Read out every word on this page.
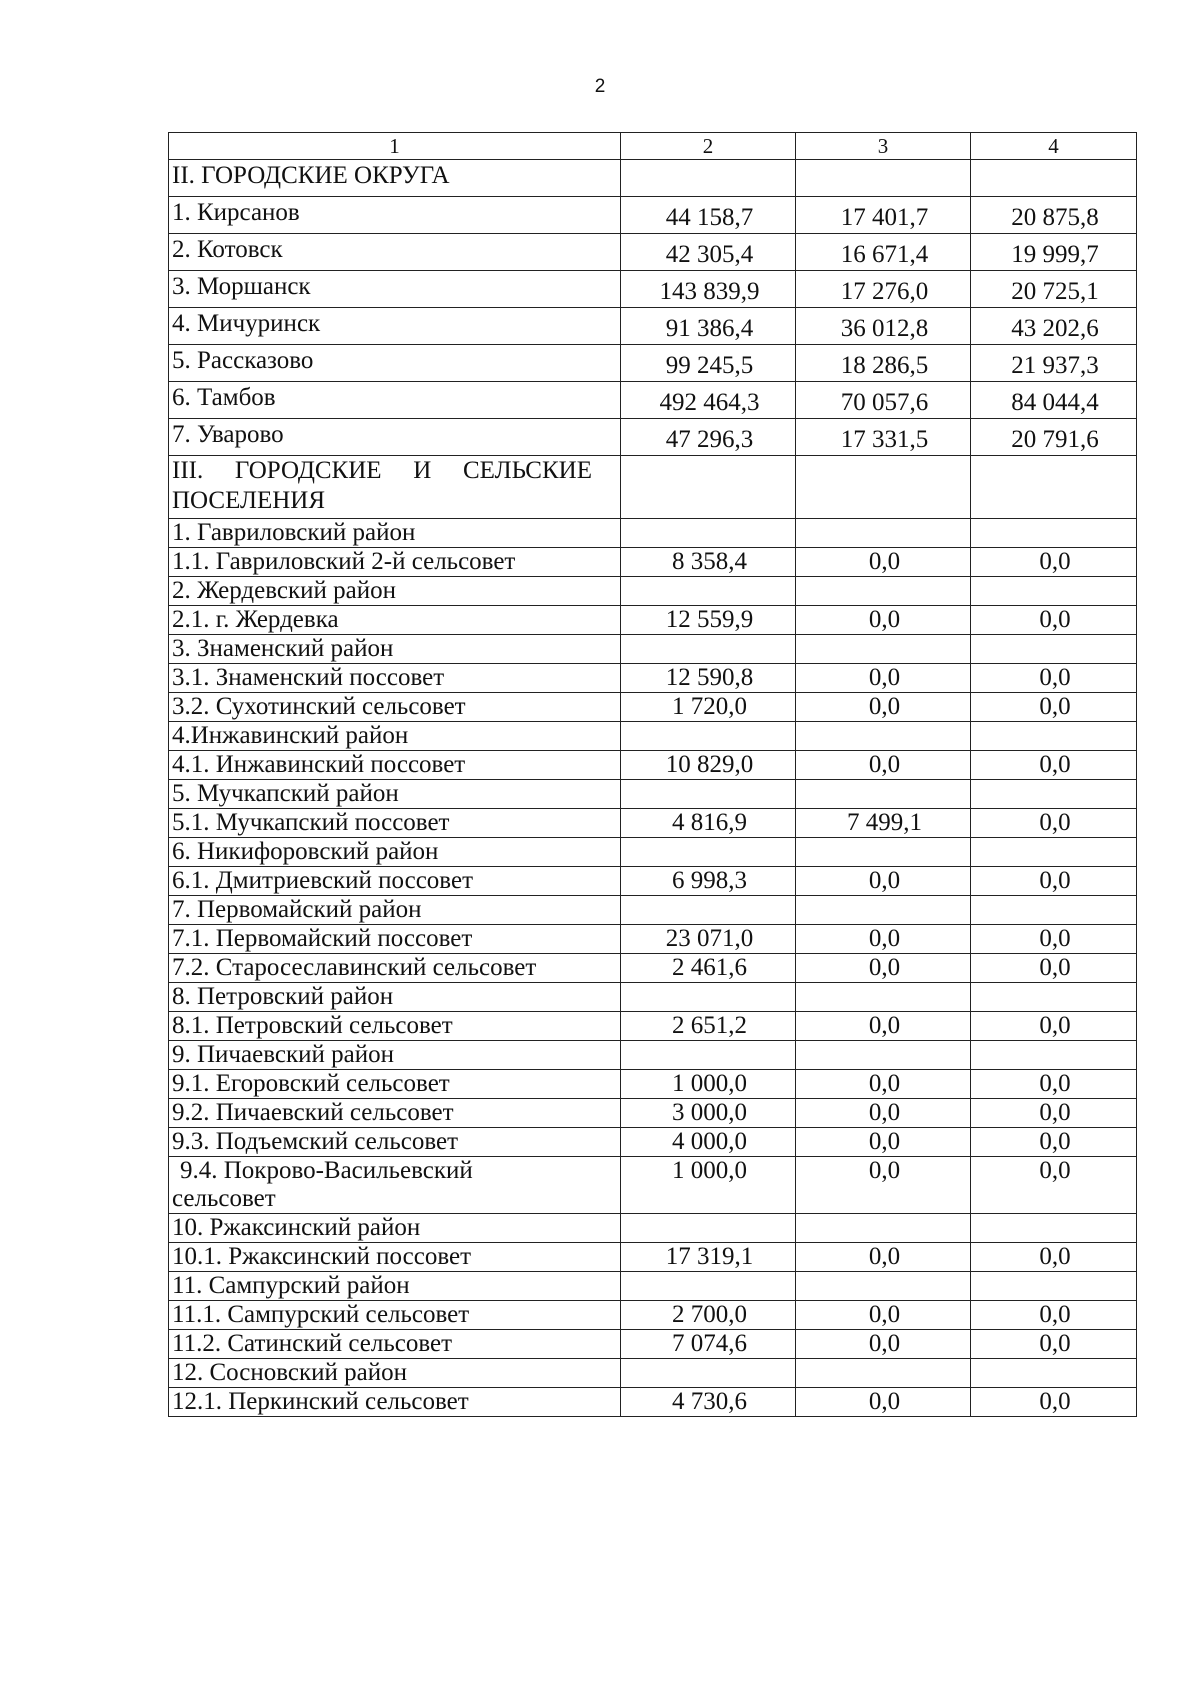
2
1	2	3	4
II. ГОРОДСКИЕ ОКРУГА			
1. Кирсанов	44 158,7	17 401,7	20 875,8
2. Котовск	42 305,4	16 671,4	19 999,7
3. Моршанск	143 839,9	17 276,0	20 725,1
4. Мичуринск	91 386,4	36 012,8	43 202,6
5. Рассказово	99 245,5	18 286,5	21 937,3
6. Тамбов	492 464,3	70 057,6	84 044,4
7. Уварово	47 296,3	17 331,5	20 791,6

III. ГОРОДСКИЕ И СЕЛЬСКИЕ
ПОСЕЛЕНИЯ			

1. Гавриловский район			
1.1. Гавриловский 2-й сельсовет	8 358,4	0,0	0,0
2. Жердевский район			
2.1. г. Жердевка	12 559,9	0,0	0,0
3. Знаменский район			
3.1. Знаменский поссовет	12 590,8	0,0	0,0
3.2. Сухотинский сельсовет	1 720,0	0,0	0,0
4.Инжавинский район			
4.1. Инжавинский поссовет	10 829,0	0,0	0,0
5. Мучкапский район			
5.1. Мучкапский поссовет	4 816,9	7 499,1	0,0
6. Никифоровский район			
6.1. Дмитриевский поссовет	6 998,3	0,0	0,0
7. Первомайский район			
7.1. Первомайский поссовет	23 071,0	0,0	0,0
7.2. Старосеславинский сельсовет	2 461,6	0,0	0,0
8. Петровский район			
8.1. Петровский сельсовет	2 651,2	0,0	0,0
9. Пичаевский район			
9.1. Егоровский сельсовет	1 000,0	0,0	0,0
9.2. Пичаевский сельсовет	3 000,0	0,0	0,0
9.3. Подъемский сельсовет	4 000,0	0,0	0,0

9.4. Покрово-Васильевский
сельсовет	1 000,0	0,0	0,0
10. Ржаксинский район			
10.1. Ржаксинский поссовет	17 319,1	0,0	0,0
11. Сампурский район			
11.1. Сампурский сельсовет	2 700,0	0,0	0,0
11.2. Сатинский сельсовет	7 074,6	0,0	0,0
12. Сосновский район			
12.1. Перкинский сельсовет	4 730,6	0,0	0,0
